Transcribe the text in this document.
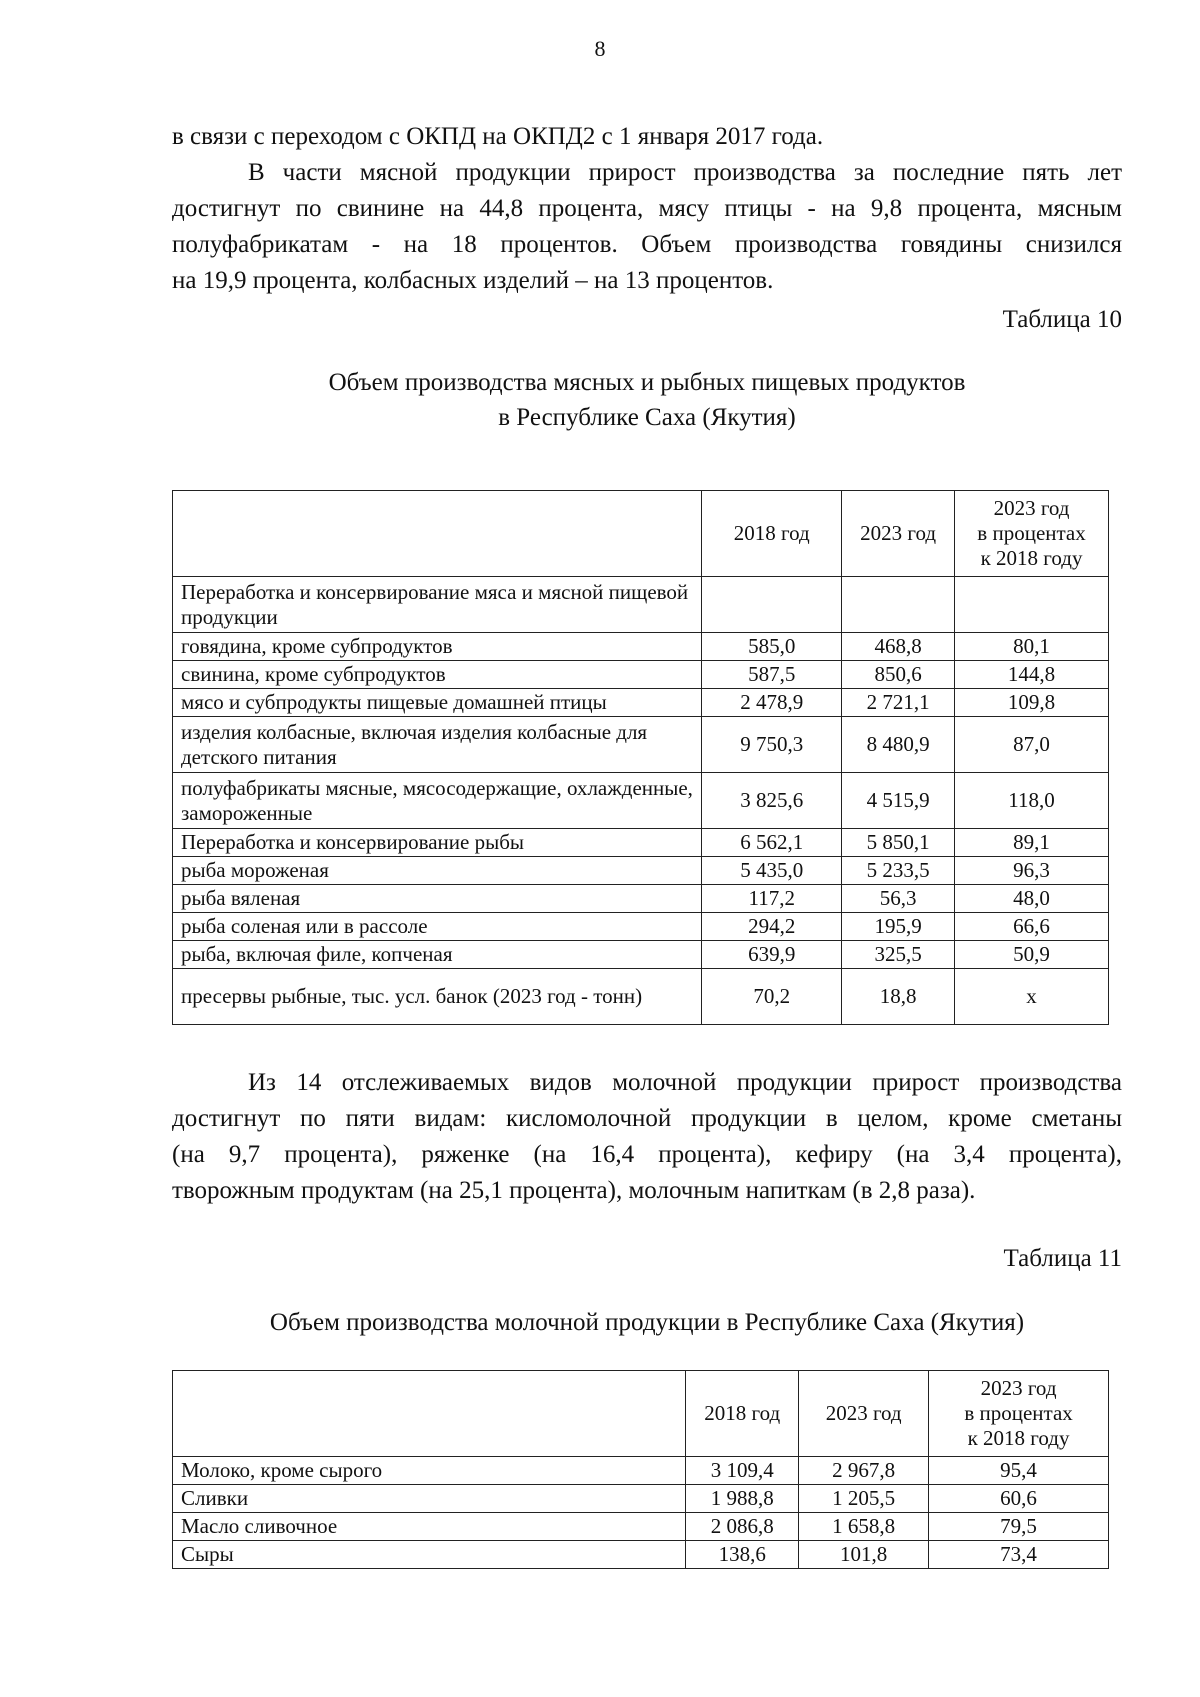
8
в связи с переходом с ОКПД на ОКПД2 с 1 января 2017 года.
В части мясной продукции прирост производства за последние пять лет
достигнут по свинине на 44,8 процента, мясу птицы - на 9,8 процента, мясным
полуфабрикатам - на 18 процентов. Объем производства говядины снизился
на 19,9 процента, колбасных изделий – на 13 процентов.
Таблица 10
Объем производства мясных и рыбных пищевых продуктов
в Республике Саха (Якутия)
	2018 год	2023 год	2023 год
в процентах
к 2018 году

Переработка и консервирование мяса и мясной пищевой продукции			
говядина, кроме субпродуктов	585,0	468,8	80,1
свинина, кроме субпродуктов	587,5	850,6	144,8
мясо и субпродукты пищевые домашней птицы	2 478,9	2 721,1	109,8
изделия колбасные, включая изделия колбасные для детского питания	9 750,3	8 480,9	87,0
полуфабрикаты мясные, мясосодержащие, охлажденные, замороженные	3 825,6	4 515,9	118,0
Переработка и консервирование рыбы	6 562,1	5 850,1	89,1
рыба мороженая	5 435,0	5 233,5	96,3
рыба вяленая	117,2	56,3	48,0
рыба соленая или в рассоле	294,2	195,9	66,6
рыба, включая филе, копченая	639,9	325,5	50,9
пресервы рыбные, тыс. усл. банок (2023 год - тонн)	70,2	18,8	х
Из 14 отслеживаемых видов молочной продукции прирост производства
достигнут по пяти видам: кисломолочной продукции в целом, кроме сметаны
(на 9,7 процента), ряженке (на 16,4 процента), кефиру (на 3,4 процента),
творожным продуктам (на 25,1 процента), молочным напиткам (в 2,8 раза).
Таблица 11
Объем производства молочной продукции в Республике Саха (Якутия)
	2018 год	2023 год	2023 год
в процентах
к 2018 году

Молоко, кроме сырого	3 109,4	2 967,8	95,4
Сливки	1 988,8	1 205,5	60,6
Масло сливочное	2 086,8	1 658,8	79,5
Сыры	138,6	101,8	73,4
